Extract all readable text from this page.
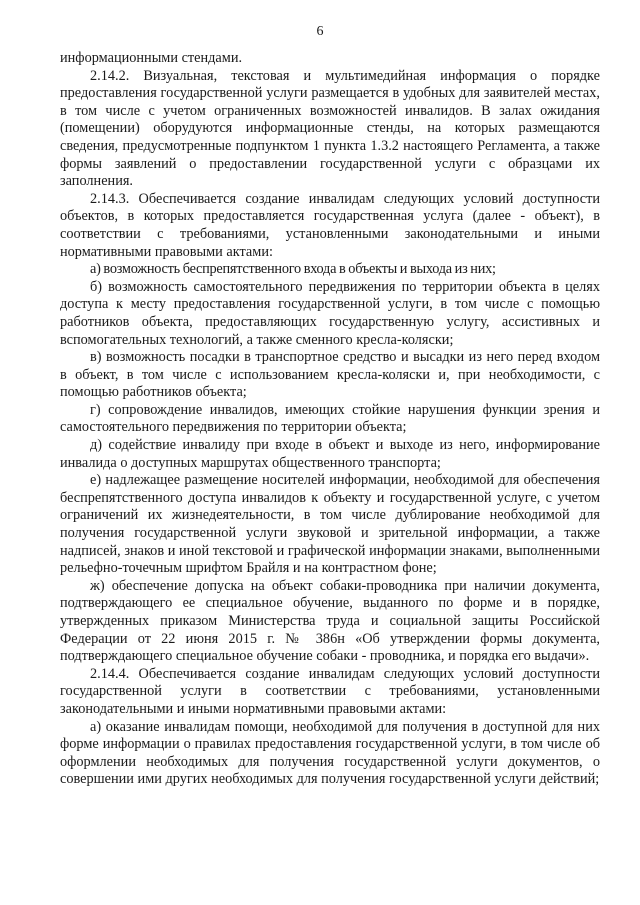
6

информационными стендами.

2.14.2. Визуальная, текстовая и мультимедийная информация о порядке предоставления государственной услуги размещается в удобных для заявителей местах, в том числе с учетом ограниченных возможностей инвалидов. В залах ожидания (помещении) оборудуются информационные стенды, на которых размещаются сведения, предусмотренные подпунктом 1 пункта 1.3.2 настоящего Регламента, а также формы заявлений о предоставлении государственной услуги с образцами их заполнения.

2.14.3. Обеспечивается создание инвалидам следующих условий доступности объектов, в которых предоставляется государственная услуга (далее - объект), в соответствии с требованиями, установленными законодательными и иными нормативными правовыми актами:

а) возможность беспрепятственного входа в объекты и выхода из них;

б) возможность самостоятельного передвижения по территории объекта в целях доступа к месту предоставления государственной услуги, в том числе с помощью работников объекта, предоставляющих государственную услугу, ассистивных и вспомогательных технологий, а также сменного кресла-коляски;

в) возможность посадки в транспортное средство и высадки из него перед входом в объект, в том числе с использованием кресла-коляски и, при необходимости, с помощью работников объекта;

г) сопровождение инвалидов, имеющих стойкие нарушения функции зрения и самостоятельного передвижения по территории объекта;

д) содействие инвалиду при входе в объект и выходе из него, информирование инвалида о доступных маршрутах общественного транспорта;

е) надлежащее размещение носителей информации, необходимой для обеспечения беспрепятственного доступа инвалидов к объекту и государственной услуге, с учетом ограничений их жизнедеятельности, в том числе дублирование необходимой для получения государственной услуги звуковой и зрительной информации, а также надписей, знаков и иной текстовой и графической информации знаками, выполненными рельефно-точечным шрифтом Брайля и на контрастном фоне;

ж) обеспечение допуска на объект собаки-проводника при наличии документа, подтверждающего ее специальное обучение, выданного по форме и в порядке, утвержденных приказом Министерства труда и социальной защиты Российской Федерации от 22 июня 2015 г. № 386н «Об утверждении формы документа, подтверждающего специальное обучение собаки - проводника, и порядка его выдачи».

2.14.4. Обеспечивается создание инвалидам следующих условий доступности государственной услуги в соответствии с требованиями, установленными законодательными и иными нормативными правовыми актами:

а) оказание инвалидам помощи, необходимой для получения в доступной для них форме информации о правилах предоставления государственной услуги, в том числе об оформлении необходимых для получения государственной услуги документов, о совершении ими других необходимых для получения государственной услуги действий;
